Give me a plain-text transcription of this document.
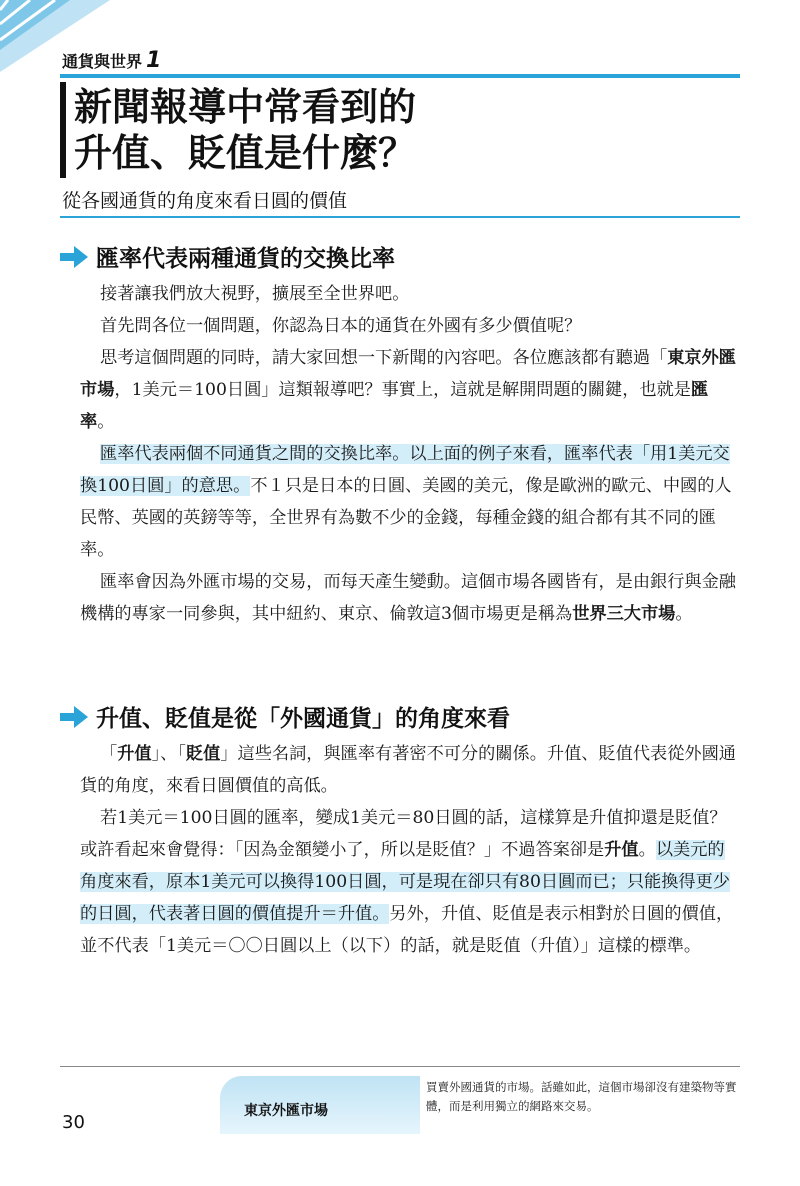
通貨與世界 1
新聞報導中常看到的
升值、貶值是什麼？
從各國通貨的角度來看日圓的價值
匯率代表兩種通貨的交換比率

接著讓我們放大視野，擴展至全世界吧。

首先問各位一個問題，你認為日本的通貨在外國有多少價值呢？

思考這個問題的同時，請大家回想一下新聞的內容吧。各位應該都有聽過「東京外匯市場，1美元＝100日圓」這類報導吧？事實上，這就是解開問題的關鍵，也就是匯率。

匯率代表兩個不同通貨之間的交換比率。以上面的例子來看，匯率代表「用1美元交換100日圓」的意思。不１只是日本的日圓、美國的美元，像是歐洲的歐元、中國的人民幣、英國的英鎊等等，全世界有為數不少的金錢，每種金錢的組合都有其不同的匯率。

匯率會因為外匯市場的交易，而每天產生變動。這個市場各國皆有，是由銀行與金融機構的專家一同參與，其中紐約、東京、倫敦這3個市場更是稱為世界三大市場。

升值、貶值是從「外國通貨」的角度來看

「升值」、「貶值」這些名詞，與匯率有著密不可分的關係。升值、貶值代表從外國通貨的角度，來看日圓價值的高低。

若1美元＝100日圓的匯率，變成1美元＝80日圓的話，這樣算是升值抑還是貶值？或許看起來會覺得：「因為金額變小了，所以是貶值？」不過答案卻是升值。以美元的角度來看，原本1美元可以換得100日圓，可是現在卻只有80日圓而已；只能換得更少的日圓，代表著日圓的價值提升＝升值。另外，升值、貶值是表示相對於日圓的價值，並不代表「1美元＝〇〇日圓以上（以下）的話，就是貶值（升值）」這樣的標準。

30
東京外匯市場

買賣外國通貨的市場。話雖如此，這個市場卻沒有建築物等實體，而是利用獨立的網路來交易。
